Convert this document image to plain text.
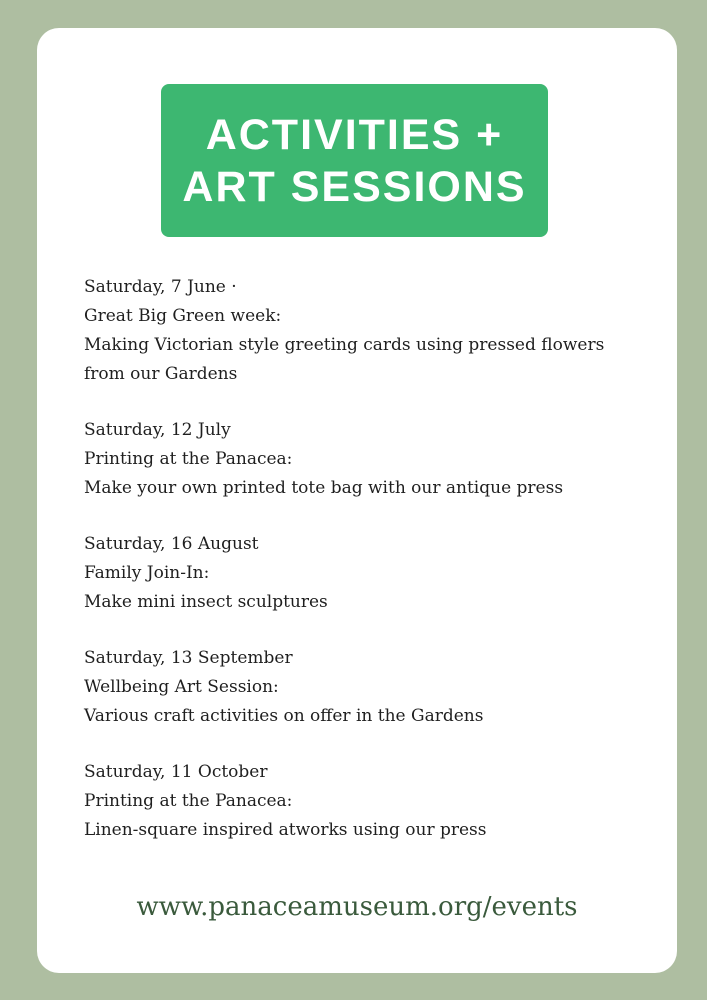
ACTIVITIES +
ART SESSIONS
Saturday, 7 June ·
Great Big Green week:
Making Victorian style greeting cards using pressed flowers
from our Gardens
Saturday, 12 July
Printing at the Panacea:
Make your own printed tote bag with our antique press
Saturday, 16 August
Family Join-In:
Make mini insect sculptures
Saturday, 13 September
Wellbeing Art Session:
Various craft activities on offer in the Gardens
Saturday, 11 October
Printing at the Panacea:
Linen-square inspired atworks using our press
www.panaceamuseum.org/events
